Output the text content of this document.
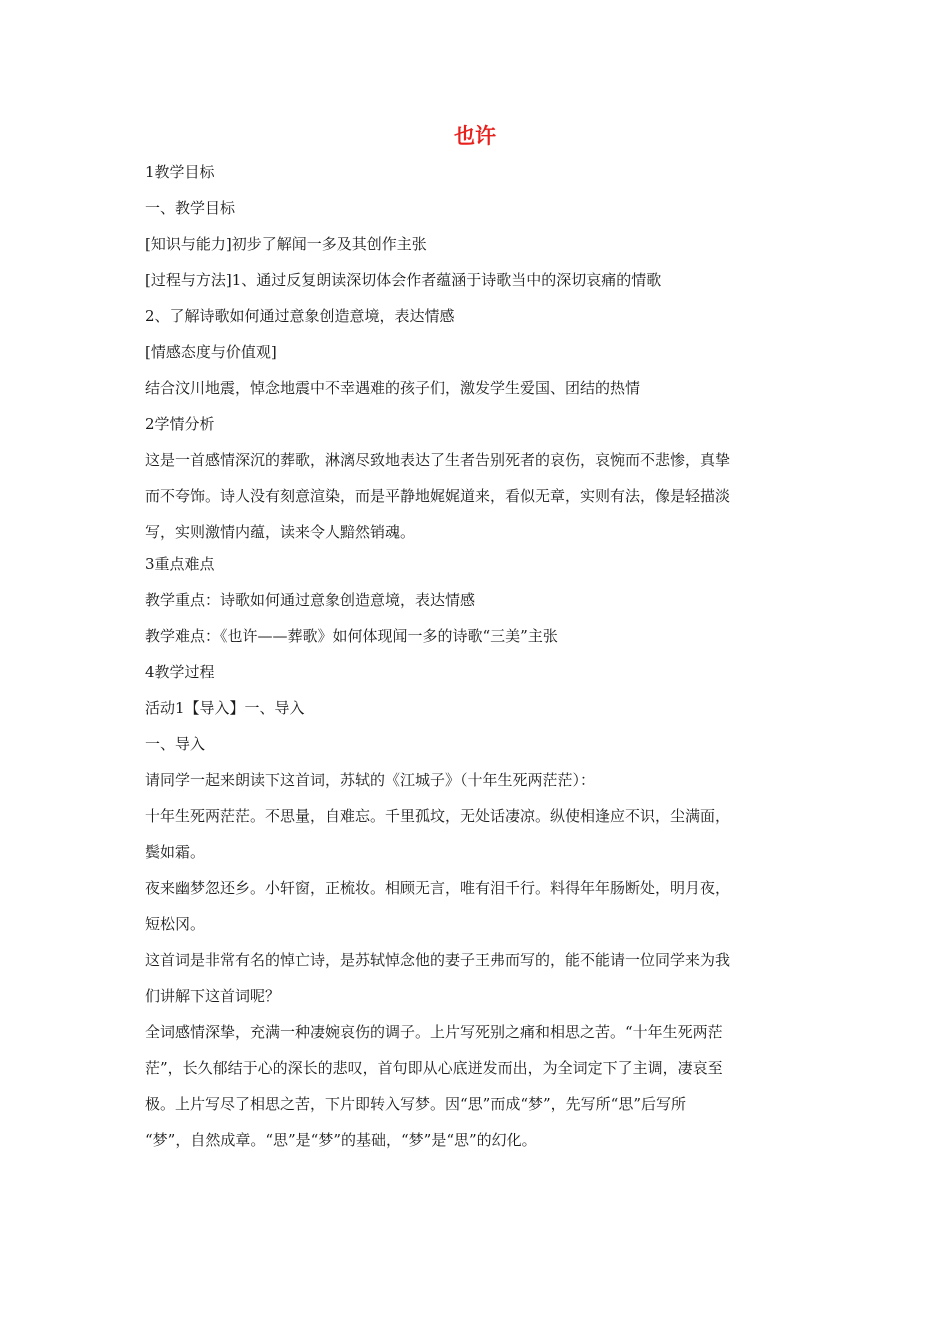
也许
1教学目标
一、教学目标
[知识与能力]初步了解闻一多及其创作主张
[过程与方法]1、通过反复朗读深切体会作者蕴涵于诗歌当中的深切哀痛的情歌
2、了解诗歌如何通过意象创造意境，表达情感
[情感态度与价值观]
结合汶川地震，悼念地震中不幸遇难的孩子们，激发学生爱国、团结的热情
2学情分析
这是一首感情深沉的葬歌，淋漓尽致地表达了生者告别死者的哀伤，哀惋而不悲惨，真挚
而不夸饰。诗人没有刻意渲染，而是平静地娓娓道来，看似无章，实则有法，像是轻描淡
写，实则激情内蕴，读来令人黯然销魂。
3重点难点
教学重点：诗歌如何通过意象创造意境，表达情感
教学难点：《也许——葬歌》如何体现闻一多的诗歌“三美”主张
4教学过程
活动1【导入】一、导入
一、导入
请同学一起来朗读下这首词，苏轼的《江城子》（十年生死两茫茫）：
十年生死两茫茫。不思量，自难忘。千里孤坟，无处话凄凉。纵使相逢应不识，尘满面，
鬓如霜。
夜来幽梦忽还乡。小轩窗，正梳妆。相顾无言，唯有泪千行。料得年年肠断处，明月夜，
短松冈。
这首词是非常有名的悼亡诗，是苏轼悼念他的妻子王弗而写的，能不能请一位同学来为我
们讲解下这首词呢？
全词感情深挚，充满一种凄婉哀伤的调子。上片写死别之痛和相思之苦。“十年生死两茫
茫”，长久郁结于心的深长的悲叹，首句即从心底迸发而出，为全词定下了主调，凄哀至
极。上片写尽了相思之苦，下片即转入写梦。因“思”而成“梦”，先写所“思”后写所
“梦”，自然成章。“思”是“梦”的基础，“梦”是“思”的幻化。
